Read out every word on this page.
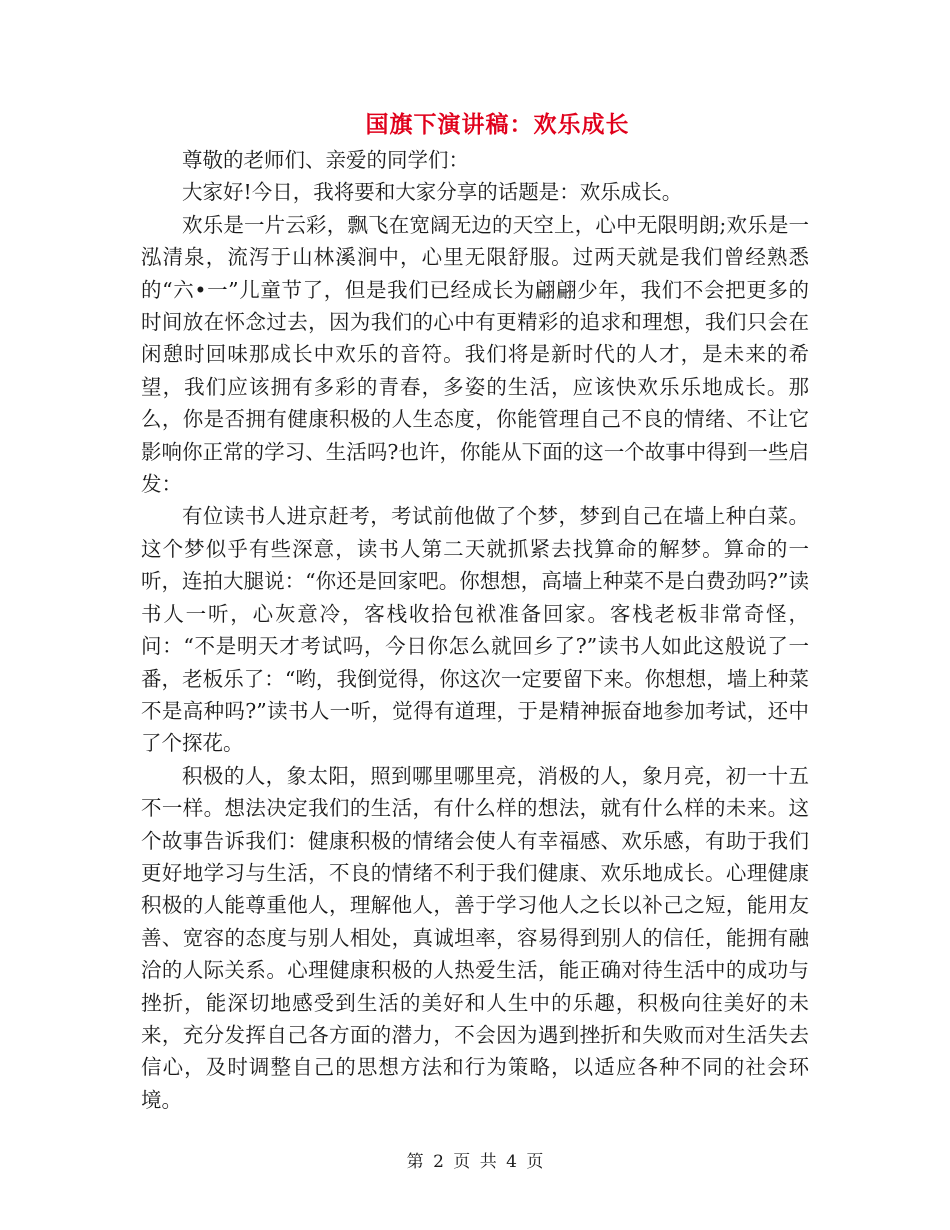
国旗下演讲稿：欢乐成长

尊敬的老师们、亲爱的同学们：

大家好!今日，我将要和大家分享的话题是：欢乐成长。

欢乐是一片云彩，飘飞在宽阔无边的天空上，心中无限明朗;欢乐是一泓清泉，流泻于山林溪涧中，心里无限舒服。过两天就是我们曾经熟悉的“六•一”儿童节了，但是我们已经成长为翩翩少年，我们不会把更多的时间放在怀念过去，因为我们的心中有更精彩的追求和理想，我们只会在闲憩时回味那成长中欢乐的音符。我们将是新时代的人才，是未来的希望，我们应该拥有多彩的青春，多姿的生活，应该快欢乐乐地成长。那么，你是否拥有健康积极的人生态度，你能管理自己不良的情绪、不让它影响你正常的学习、生活吗?也许，你能从下面的这一个故事中得到一些启发：

有位读书人进京赶考，考试前他做了个梦，梦到自己在墙上种白菜。这个梦似乎有些深意，读书人第二天就抓紧去找算命的解梦。算命的一听，连拍大腿说：“你还是回家吧。你想想，高墙上种菜不是白费劲吗?”读书人一听，心灰意冷，客栈收拾包袱准备回家。客栈老板非常奇怪，问：“不是明天才考试吗，今日你怎么就回乡了?”读书人如此这般说了一番，老板乐了：“哟，我倒觉得，你这次一定要留下来。你想想，墙上种菜不是高种吗?”读书人一听，觉得有道理，于是精神振奋地参加考试，还中了个探花。

积极的人，象太阳，照到哪里哪里亮，消极的人，象月亮，初一十五不一样。想法决定我们的生活，有什么样的想法，就有什么样的未来。这个故事告诉我们：健康积极的情绪会使人有幸福感、欢乐感，有助于我们更好地学习与生活，不良的情绪不利于我们健康、欢乐地成长。心理健康积极的人能尊重他人，理解他人，善于学习他人之长以补己之短，能用友善、宽容的态度与别人相处，真诚坦率，容易得到别人的信任，能拥有融洽的人际关系。心理健康积极的人热爱生活，能正确对待生活中的成功与挫折，能深切地感受到生活的美好和人生中的乐趣，积极向往美好的未来，充分发挥自己各方面的潜力，不会因为遇到挫折和失败而对生活失去信心，及时调整自己的思想方法和行为策略，以适应各种不同的社会环境。

第 2 页 共 4 页
